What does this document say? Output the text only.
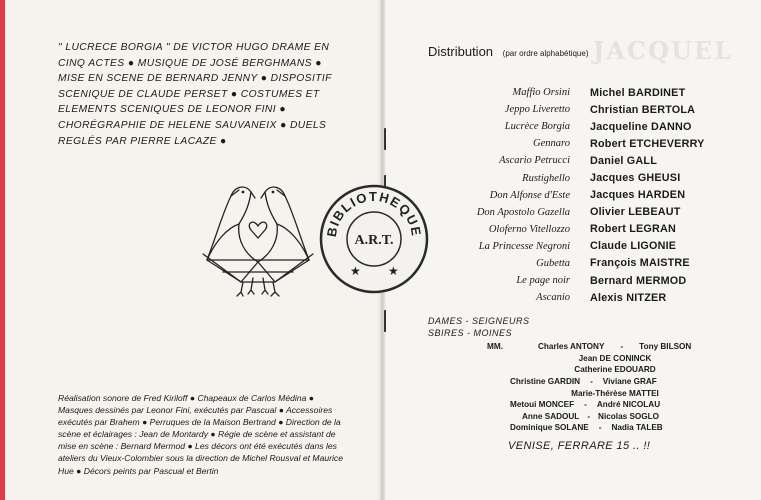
JACQUEL
" LUCRECE BORGIA " DE VICTOR HUGO DRAME EN CINQ ACTES ● MUSIQUE DE JOSÉ BERGHMANS ● MISE EN SCENE DE BERNARD JENNY ● DISPOSITIF SCENIQUE DE CLAUDE PERSET ● COSTUMES ET ELEMENTS SCENIQUES DE LEONOR FINI ● CHORÉGRAPHIE DE HELENE SAUVANEIX ● DUELS REGLÉS PAR PIERRE LACAZE ●
Réalisation sonore de Fred Kiriloff ● Chapeaux de Carlos Médina ● Masques dessinés par Leonor Fini, exécutés par Pascual ● Accessoires exécutés par Brahem ● Perruques de la Maison Bertrand ● Direction de la scène et éclairages : Jean de Montardy ● Régie de scène et assistant de mise en scène : Bernard Mermod ● Les décors ont été exécutés dans les ateliers du Vieux-Colombier sous la direction de Michel Rousval et Maurice Hue ● Décors peints par Pascual et Bertin
BIBLIOTHEQUE
A.R.T.
★ ★
Distribution (par ordre alphabétique)
Maffio Orsini	Michel BARDINET
Jeppo Liveretto	Christian BERTOLA
Lucrèce Borgia	Jacqueline DANNO
Gennaro	Robert ETCHEVERRY
Ascario Petrucci	Daniel GALL
Rustighello	Jacques GHEUSI
Don Alfonse d'Este	Jacques HARDEN
Don Apostolo Gazella	Olivier LEBEAUT
Oloferno Vitellozzo	Robert LEGRAN
La Princesse Negroni	Claude LIGONIE
Gubetta	François MAISTRE
Le page noir	Bernard MERMOD
Ascanio	Alexis NITZER
DAMES - SEIGNEURS
SBIRES - MOINES
MM.	Charles ANTONY - Tony BILSON
Jean DE CONINCK
Catherine EDOUARD
Christine GARDIN - Viviane GRAF
Marie-Thérèse MATTEI
Metoui MONCEF - André NICOLAU
Anne SADOUL - Nicolas SOGLO
Dominique SOLANE - Nadia TALEB
VENISE, FERRARE 15 .. !!
